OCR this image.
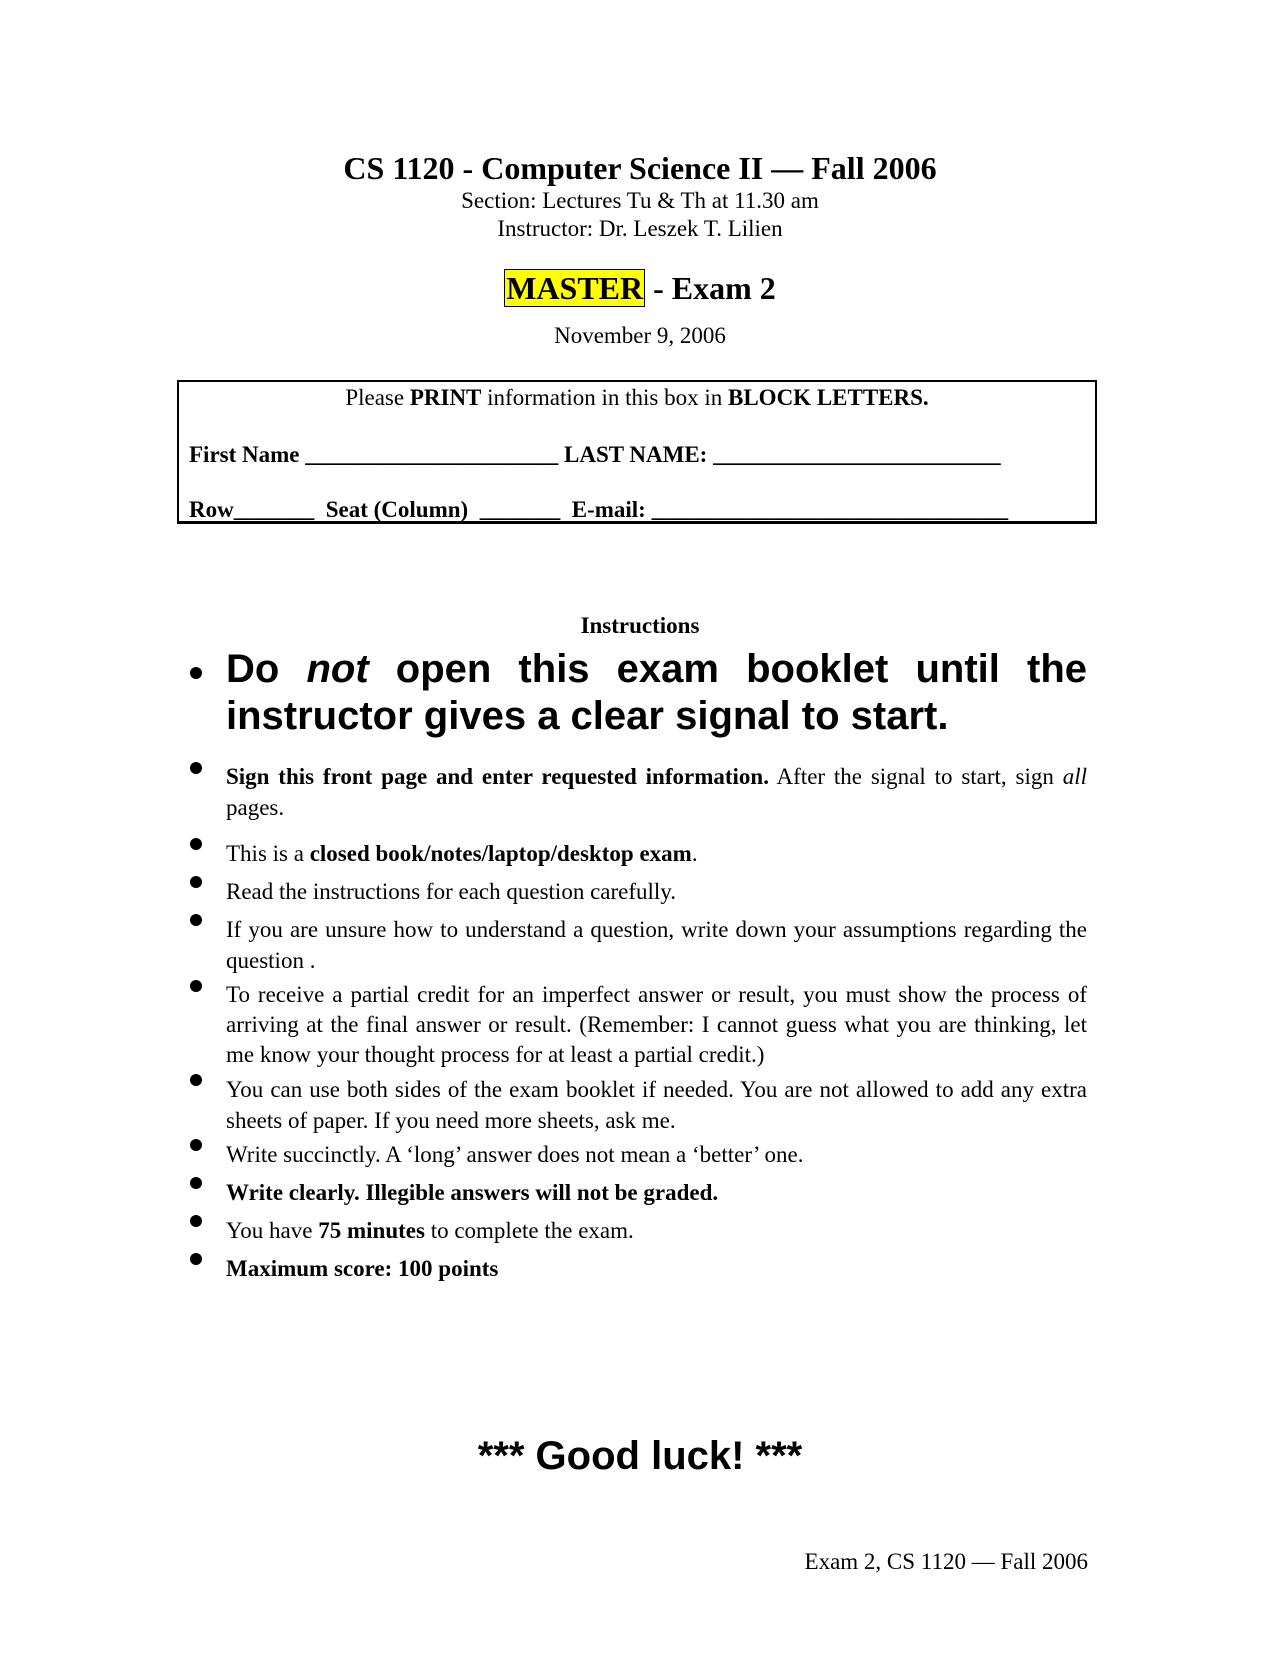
CS 1120 - Computer Science II — Fall 2006
Section: Lectures Tu & Th at 11.30 am
Instructor: Dr. Leszek T. Lilien
MASTER - Exam 2
November 9, 2006
Please PRINT information in this box in BLOCK LETTERS.
First Name ______________________ LAST NAME: _________________________
Row_______  Seat (Column)  _______  E-mail: _______________________________
Instructions
Do not open this exam booklet until the instructor gives a clear signal to start.
Sign this front page and enter requested information. After the signal to start, sign all pages.
This is a closed book/notes/laptop/desktop exam.
Read the instructions for each question carefully.
If you are unsure how to understand a question, write down your assumptions regarding the question .
To receive a partial credit for an imperfect answer or result, you must show the process of arriving at the final answer or result. (Remember: I cannot guess what you are thinking, let me know your thought process for at least a partial credit.)
You can use both sides of the exam booklet if needed. You are not allowed to add any extra sheets of paper. If you need more sheets, ask me.
Write succinctly. A ‘long’ answer does not mean a ‘better’ one.
Write clearly. Illegible answers will not be graded.
You have 75 minutes to complete the exam.
Maximum score: 100 points
*** Good luck! ***
Exam 2, CS 1120 — Fall 2006
